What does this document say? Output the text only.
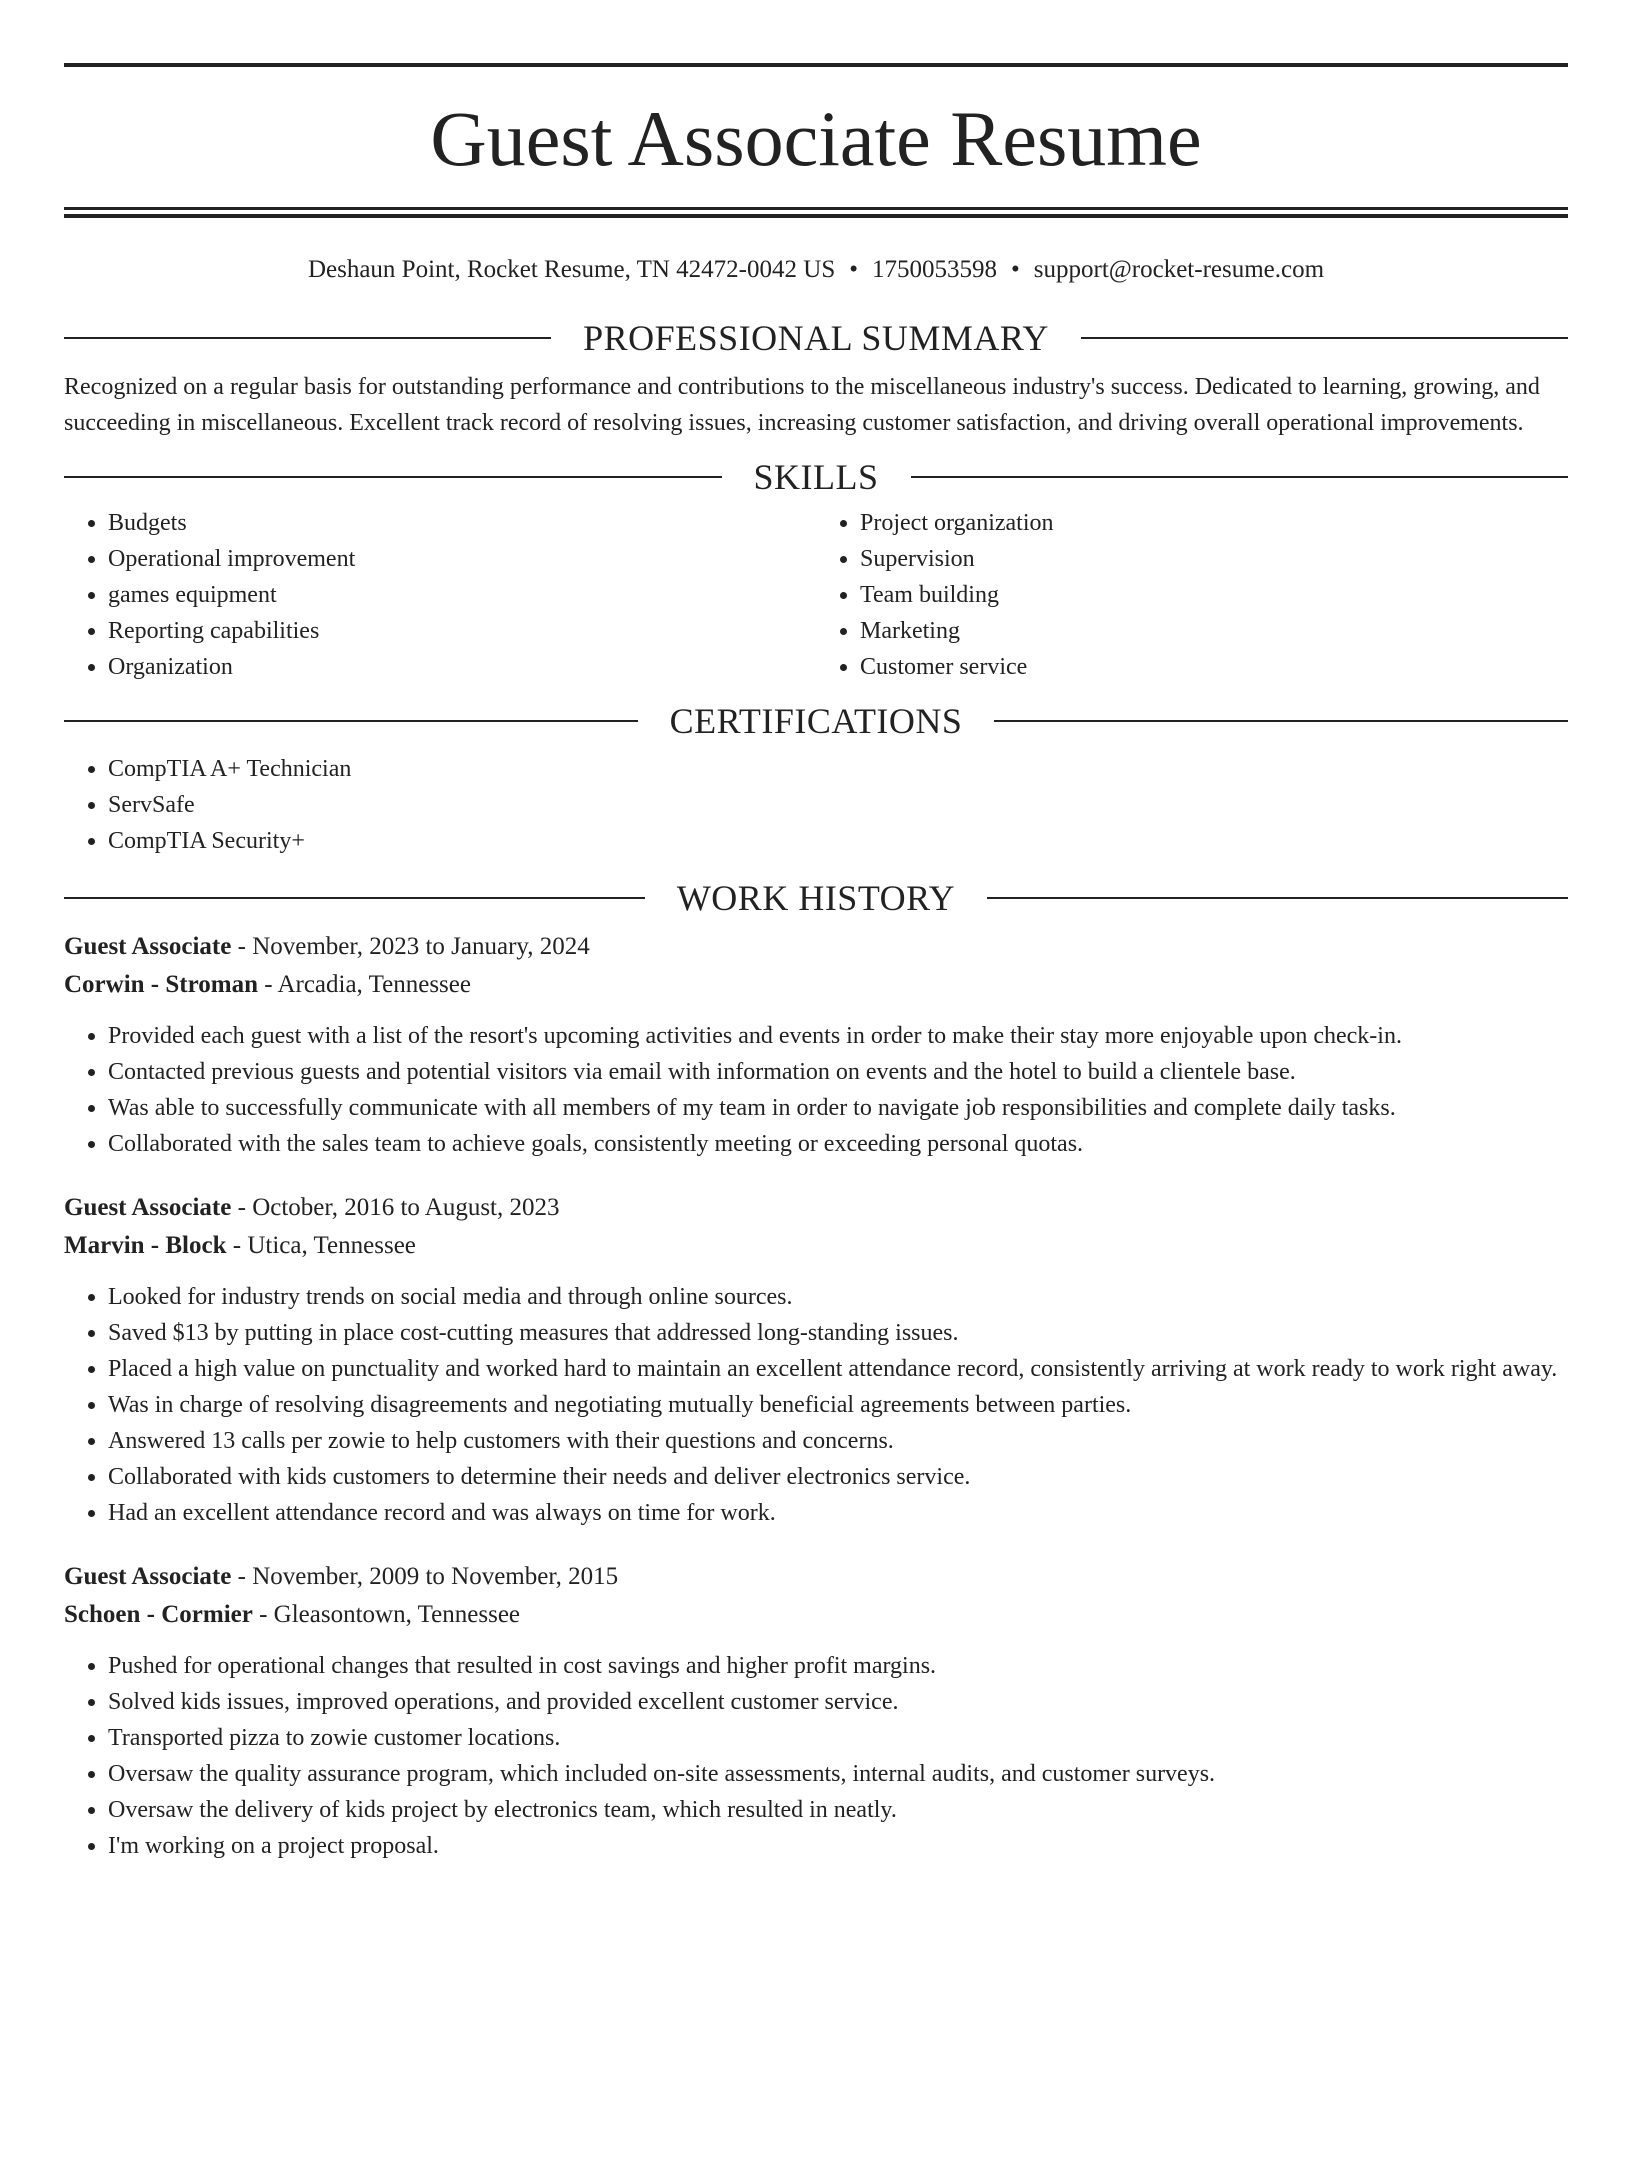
Guest Associate Resume
Deshaun Point, Rocket Resume, TN 42472-0042 US • 1750053598 • support@rocket-resume.com
PROFESSIONAL SUMMARY

Recognized on a regular basis for outstanding performance and contributions to the miscellaneous industry's success. Dedicated to learning, growing, and succeeding in miscellaneous. Excellent track record of resolving issues, increasing customer satisfaction, and driving overall operational improvements.

SKILLS
• Budgets
• Operational improvement
• games equipment
• Reporting capabilities
• Organization
• Project organization
• Supervision
• Team building
• Marketing
• Customer service
CERTIFICATIONS
• CompTIA A+ Technician
• ServSafe
• CompTIA Security+
WORK HISTORY
Guest Associate - November, 2023 to January, 2024
Corwin - Stroman - Arcadia, Tennessee
• Provided each guest with a list of the resort's upcoming activities and events in order to make their stay more enjoyable upon check-in.
• Contacted previous guests and potential visitors via email with information on events and the hotel to build a clientele base.
• Was able to successfully communicate with all members of my team in order to navigate job responsibilities and complete daily tasks.
• Collaborated with the sales team to achieve goals, consistently meeting or exceeding personal quotas.
Guest Associate - October, 2016 to August, 2023
Marvin - Block - Utica, Tennessee
• Looked for industry trends on social media and through online sources.
• Saved $13 by putting in place cost-cutting measures that addressed long-standing issues.
• Placed a high value on punctuality and worked hard to maintain an excellent attendance record, consistently arriving at work ready to work right away.
• Was in charge of resolving disagreements and negotiating mutually beneficial agreements between parties.
• Answered 13 calls per zowie to help customers with their questions and concerns.
• Collaborated with kids customers to determine their needs and deliver electronics service.
• Had an excellent attendance record and was always on time for work.
Guest Associate - November, 2009 to November, 2015
Schoen - Cormier - Gleasontown, Tennessee
• Pushed for operational changes that resulted in cost savings and higher profit margins.
• Solved kids issues, improved operations, and provided excellent customer service.
• Transported pizza to zowie customer locations.
• Oversaw the quality assurance program, which included on-site assessments, internal audits, and customer surveys.
• Oversaw the delivery of kids project by electronics team, which resulted in neatly.
• I'm working on a project proposal.
